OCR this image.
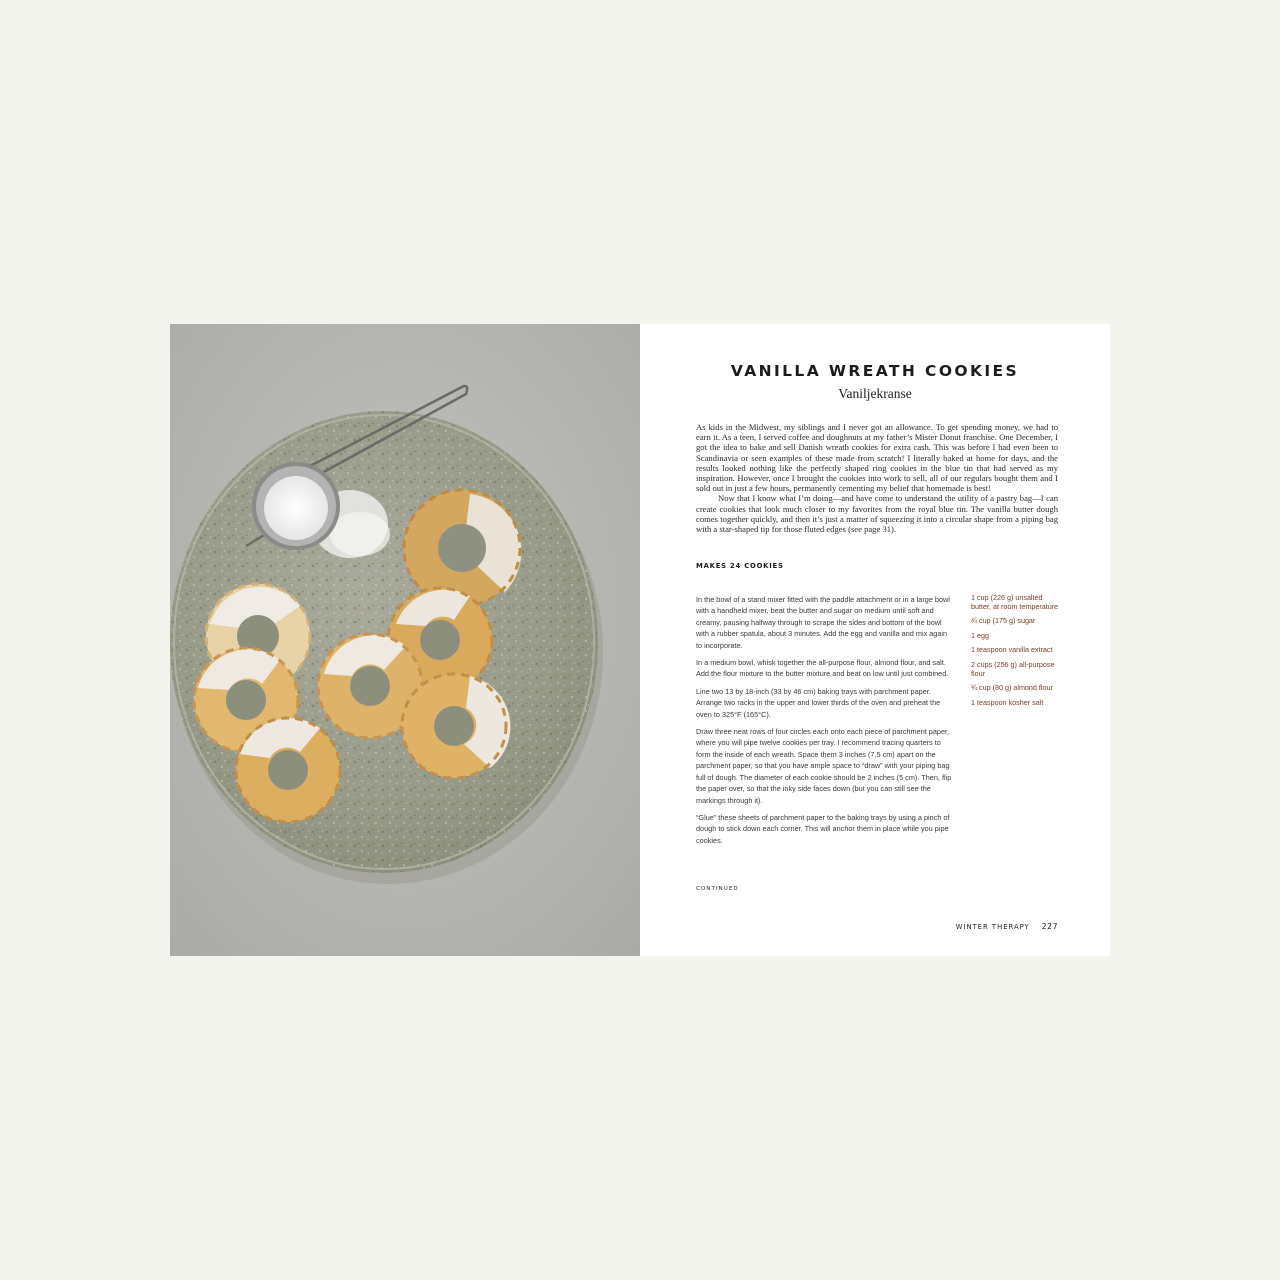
VANILLA WREATH COOKIES
Vaniljekranse

As kids in the Midwest, my siblings and I never got an allowance. To get spending money, we had to earn it. As a teen, I served coffee and doughnuts at my father’s Mister Donut franchise. One December, I got the idea to bake and sell Danish wreath cookies for extra cash. This was before I had even been to Scandinavia or seen examples of these made from scratch! I literally baked at home for days, and the results looked nothing like the perfectly shaped ring cookies in the blue tin that had served as my inspiration. However, once I brought the cookies into work to sell, all of our regulars bought them and I sold out in just a few hours, permanently cementing my belief that homemade is best!

Now that I know what I’m doing—and have come to understand the utility of a pastry bag—I can create cookies that look much closer to my favorites from the royal blue tin. The vanilla butter dough comes together quickly, and then it’s just a matter of squeezing it into a circular shape from a piping bag with a star-shaped tip for those fluted edges (see page 31).

MAKES 24 COOKIES

In the bowl of a stand mixer fitted with the paddle attachment or in a large bowl with a handheld mixer, beat the butter and sugar on medium until soft and creamy, pausing halfway through to scrape the sides and bottom of the bowl with a rubber spatula, about 3 minutes. Add the egg and vanilla and mix again to incorporate.

In a medium bowl, whisk together the all-purpose flour, almond flour, and salt. Add the flour mixture to the butter mixture and beat on low until just combined.

Line two 13 by 18-inch (33 by 46 cm) baking trays with parchment paper. Arrange two racks in the upper and lower thirds of the oven and preheat the oven to 325°F (165°C).

Draw three neat rows of four circles each onto each piece of parchment paper, where you will pipe twelve cookies per tray. I recommend tracing quarters to form the inside of each wreath. Space them 3 inches (7.5 cm) apart on the parchment paper, so that you have ample space to “draw” with your piping bag full of dough. The diameter of each cookie should be 2 inches (5 cm). Then, flip the paper over, so that the inky side faces down (but you can still see the markings through it).

“Glue” these sheets of parchment paper to the baking trays by using a pinch of dough to stick down each corner. This will anchor them in place while you pipe cookies.

1 cup (226 g) unsalted butter, at room temperature
¾ cup (175 g) sugar
1 egg
1 teaspoon vanilla extract
2 cups (256 g) all-purpose flour
¾ cup (80 g) almond flour
1 teaspoon kosher salt
CONTINUED
WINTER THERAPY 227
